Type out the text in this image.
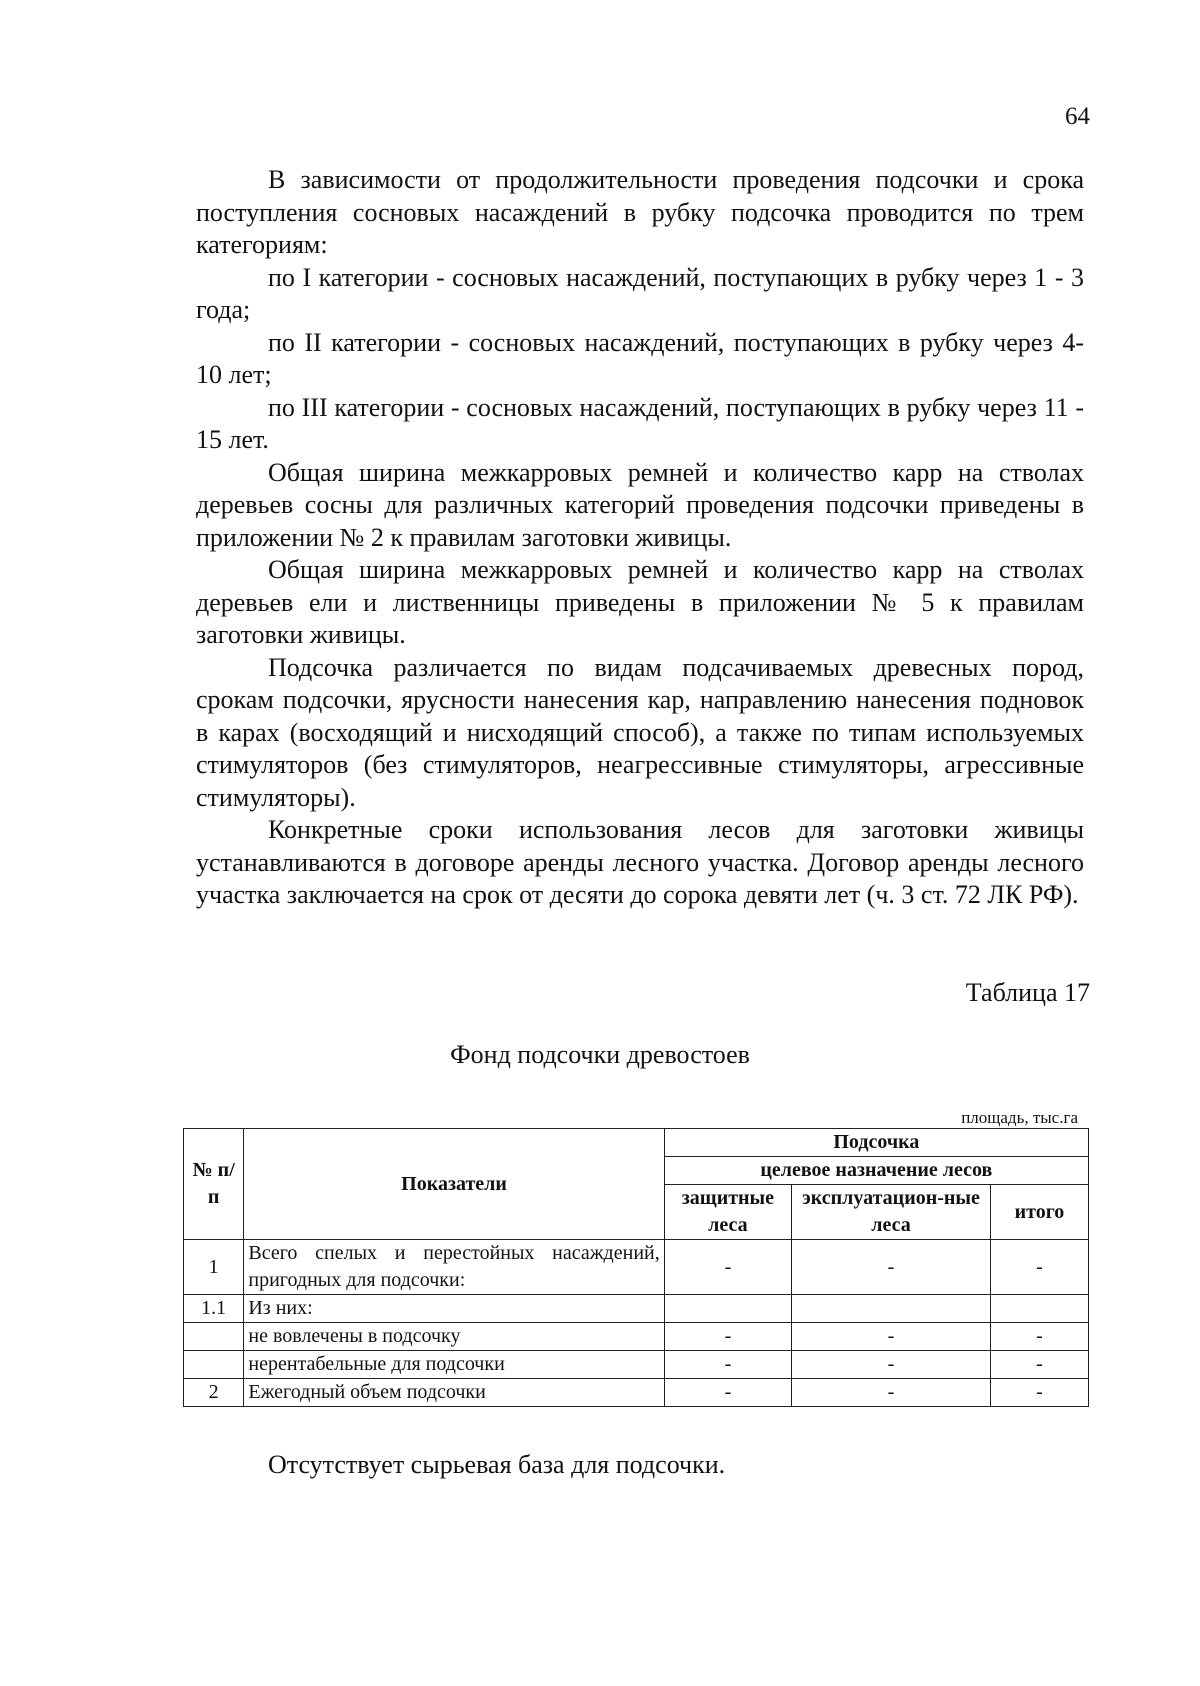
64

В зависимости от продолжительности проведения подсочки и срока поступления сосновых насаждений в рубку подсочка проводится по трем категориям:

по I категории - сосновых насаждений, поступающих в рубку через 1 - 3 года;

по II категории - сосновых насаждений, поступающих в рубку через 4- 10 лет;

по III категории - сосновых насаждений, поступающих в рубку через 11 - 15 лет.

Общая ширина межкарровых ремней и количество карр на стволах деревьев сосны для различных категорий проведения подсочки приведены в приложении № 2 к правилам заготовки живицы.

Общая ширина межкарровых ремней и количество карр на стволах деревьев ели и лиственницы приведены в приложении № 5 к правилам заготовки живицы.

Подсочка различается по видам подсачиваемых древесных пород, срокам подсочки, ярусности нанесения кар, направлению нанесения подновок в карах (восходящий и нисходящий способ), а также по типам используемых стимуляторов (без стимуляторов, неагрессивные стимуляторы, агрессивные стимуляторы).

Конкретные сроки использования лесов для заготовки живицы устанавливаются в договоре аренды лесного участка. Договор аренды лесного участка заключается на срок от десяти до сорока девяти лет (ч. 3 ст. 72 ЛК РФ).

Таблица 17
Фонд подсочки древостоев
площадь, тыс.га
№ п/ п	Показатели	Подсочка		
		целевое назначение лесов		
		защитные леса	эксплуатацион-ные леса	итого
1	Всего спелых и перестойных насаждений, пригодных для подсочки:	-	-	-
1.1	Из них:			
	не вовлечены в подсочку	-	-	-
	нерентабельные для подсочки	-	-	-
2	Ежегодный объем подсочки	-	-	-
Отсутствует сырьевая база для подсочки.
